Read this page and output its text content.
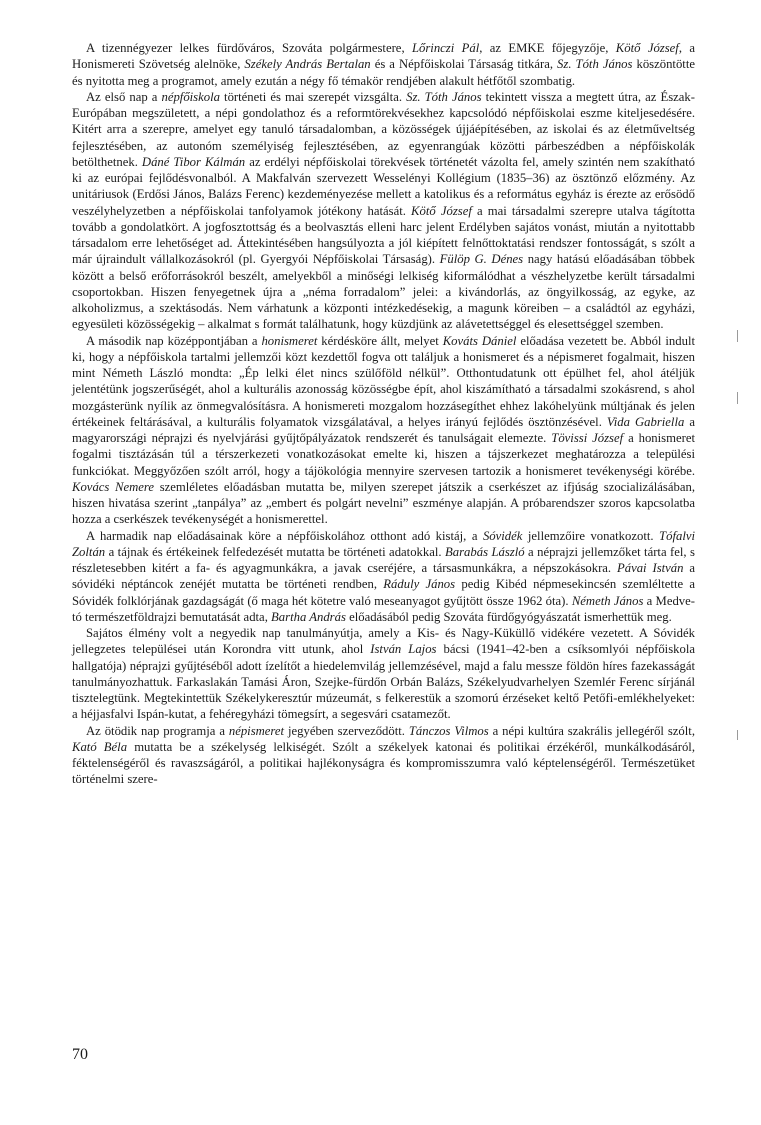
A tizennégyezer lelkes fürdőváros, Szováta polgármestere, Lőrinczi Pál, az EMKE főjegyzője, Kötő József, a Honismereti Szövetség alelnöke, Székely András Bertalan és a Népfőiskolai Társaság titkára, Sz. Tóth János köszöntötte és nyitotta meg a programot, amely ezután a négy fő témakör rendjében alakult hétfőtől szombatig.

Az első nap a népfőiskola történeti és mai szerepét vizsgálta. Sz. Tóth János tekintett vissza a megtett útra, az Észak-Európában megszületett, a népi gondolathoz és a reformtörekvésekhez kapcsolódó népfőiskolai eszme kiteljesedésére. Kitért arra a szerepre, amelyet egy tanuló társadalomban, a közösségek újjáépítésében, az iskolai és az életműveltség fejlesztésében, az autonóm személyiség fejlesztésében, az egyenrangúak közötti párbeszédben a népfőiskolák betölthetnek. Dáné Tibor Kálmán az erdélyi népfőiskolai törekvések történetét vázolta fel, amely szintén nem szakítható ki az európai fejlődésvonalból. A Makfalván szervezett Wesselényi Kollégium (1835–36) az ösztönző előzmény. Az unitáriusok (Erdősi János, Balázs Ferenc) kezdeményezése mellett a katolikus és a református egyház is érezte az erősödő veszélyhelyzetben a népfőiskolai tanfolyamok jótékony hatását. Kötő József a mai társadalmi szerepre utalva tágította tovább a gondolatkört. A jogfosztottság és a beolvasztás elleni harc jelent Erdélyben sajátos vonást, miután a nyitottabb társadalom erre lehetőséget ad. Áttekintésében hangsúlyozta a jól kiépített felnőttoktatási rendszer fontosságát, s szólt a már újraindult vállalkozásokról (pl. Gyergyói Népfőiskolai Társaság). Fülöp G. Dénes nagy hatású előadásában többek között a belső erőforrásokról beszélt, amelyekből a minőségi lelkiség kiformálódhat a vészhelyzetbe került társadalmi csoportokban. Hiszen fenyegetnek újra a „néma forradalom” jelei: a kivándorlás, az öngyilkosság, az egyke, az alkoholizmus, a szektásodás. Nem várhatunk a központi intézkedésekig, a magunk köreiben – a családtól az egyházi, egyesületi közösségekig – alkalmat s formát találhatunk, hogy küzdjünk az alávetettséggel és elesettséggel szemben.

A második nap középpontjában a honismeret kérdésköre állt, melyet Kováts Dániel előadása vezetett be. Abból indult ki, hogy a népfőiskola tartalmi jellemzői közt kezdettől fogva ott találjuk a honismeret és a népismeret fogalmait, hiszen mint Németh László mondta: „Ép lelki élet nincs szülőföld nélkül”. Otthontudatunk ott épülhet fel, ahol átéljük jelentétünk jogszerűségét, ahol a kulturális azonosság közösségbe épít, ahol kiszámítható a társadalmi szokásrend, s ahol mozgásterünk nyílik az önmegvalósításra. A honismereti mozgalom hozzásegíthet ehhez lakóhelyünk múltjának és jelen értékeinek feltárásával, a kulturális folyamatok vizsgálatával, a helyes irányú fejlődés ösztönzésével. Vida Gabriella a magyarországi néprajzi és nyelvjárási gyűjtőpályázatok rendszerét és tanulságait elemezte. Tövissi József a honismeret fogalmi tisztázásán túl a térszerkezeti vonatkozásokat emelte ki, hiszen a tájszerkezet meghatározza a települési funkciókat. Meggyőzően szólt arról, hogy a tájökológia mennyire szervesen tartozik a honismeret tevékenységi körébe. Kovács Nemere szemléletes előadásban mutatta be, milyen szerepet játszik a cserkészet az ifjúság szocializálásában, hiszen hivatása szerint „tanpálya” az „embert és polgárt nevelni” eszménye alapján. A próbarendszer szoros kapcsolatba hozza a cserkészek tevékenységét a honismerettel.

A harmadik nap előadásainak köre a népfőiskolához otthont adó kistáj, a Sóvidék jellemzőire vonatkozott. Tófalvi Zoltán a tájnak és értékeinek felfedezését mutatta be történeti adatokkal. Barabás László a néprajzi jellemzőket tárta fel, s részletesebben kitért a fa- és agyagmunkákra, a javak cseréjére, a társasmunkákra, a népszokásokra. Pávai István a sóvidéki néptáncok zenéjét mutatta be történeti rendben, Ráduly János pedig Kibéd népmesekincsén szemléltette a Sóvidék folklórjának gazdagságát (ő maga hét kötetre való meseanyagot gyűjtött össze 1962 óta). Németh János a Medve-tó természetföldrajzi bemutatását adta, Bartha András előadásából pedig Szováta fürdőgyógyászatát ismerhettük meg.

Sajátos élmény volt a negyedik nap tanulmányútja, amely a Kis- és Nagy-Küküllő vidékére vezetett. A Sóvidék jellegzetes települései után Korondra vitt utunk, ahol István Lajos bácsi (1941–42-ben a csíksomlyói népfőiskola hallgatója) néprajzi gyűjtéséből adott ízelítőt a hiedelemvilág jellemzésével, majd a falu messze földön híres fazekasságát tanulmányozhattuk. Farkaslakán Tamási Áron, Szejke-fürdőn Orbán Balázs, Székelyudvarhelyen Szemlér Ferenc sírjánál tisztelegtünk. Megtekintettük Székelykeresztúr múzeumát, s felkerestük a szomorú érzéseket keltő Petőfi-emlékhelyeket: a héjjasfalvi Ispán-kutat, a fehéregyházi tömegsírt, a segesvári csatamezőt.

Az ötödik nap programja a népismeret jegyében szerveződött. Tánczos Vilmos a népi kultúra szakrális jellegéről szólt, Kató Béla mutatta be a székelység lelkiségét. Szólt a székelyek katonai és politikai érzékéről, munkálkodásáról, féktelenségéről és ravaszságáról, a politikai hajlékonyságra és kompromisszumra való képtelenségéről. Természetüket történelmi szere-

70
